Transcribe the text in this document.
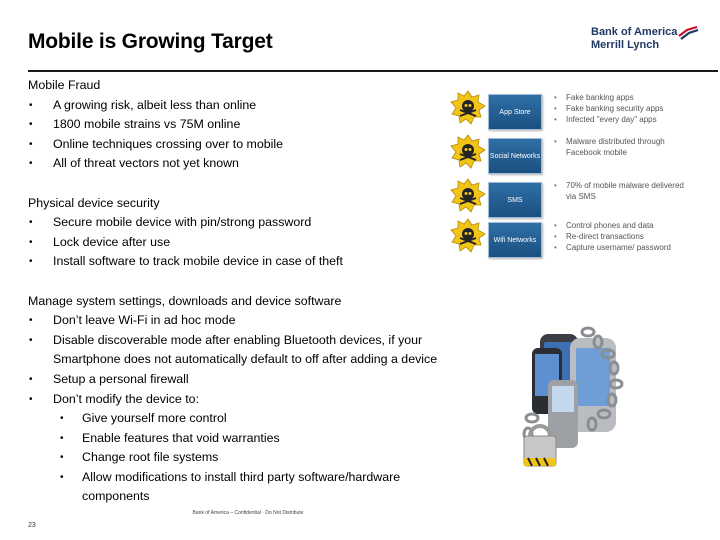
Mobile is Growing Target	Bank of America
Merrill Lynch
Mobile Fraud
• A growing risk, albeit less than online
• 1800 mobile strains vs 75M online
• Online techniques crossing over to mobile
• All of threat vectors not yet known
Physical device security
• Secure mobile device with pin/strong password
• Lock device after use
• Install software to track mobile device in case of theft
Manage system settings, downloads and device software
• Don’t leave Wi-Fi in ad hoc mode
• Disable discoverable mode after enabling Bluetooth devices, if your Smartphone does not automatically default to off after adding a device
• Setup a personal firewall
• Don’t modify the device to:
• Give yourself more control
• Enable features that void warranties
• Change root file systems
• Allow modifications to install third party software/hardware components
App Store
• Fake banking apps
• Fake banking security apps
• Infected "every day" apps
Social Networks
• Malware distributed through Facebook mobile
SMS
• 70% of mobile malware delivered via SMS
Wifi Networks
• Control phones and data
• Re-direct transactions
• Capture username/ password
Bank of America – Confidential · Do Not Distribute
23
